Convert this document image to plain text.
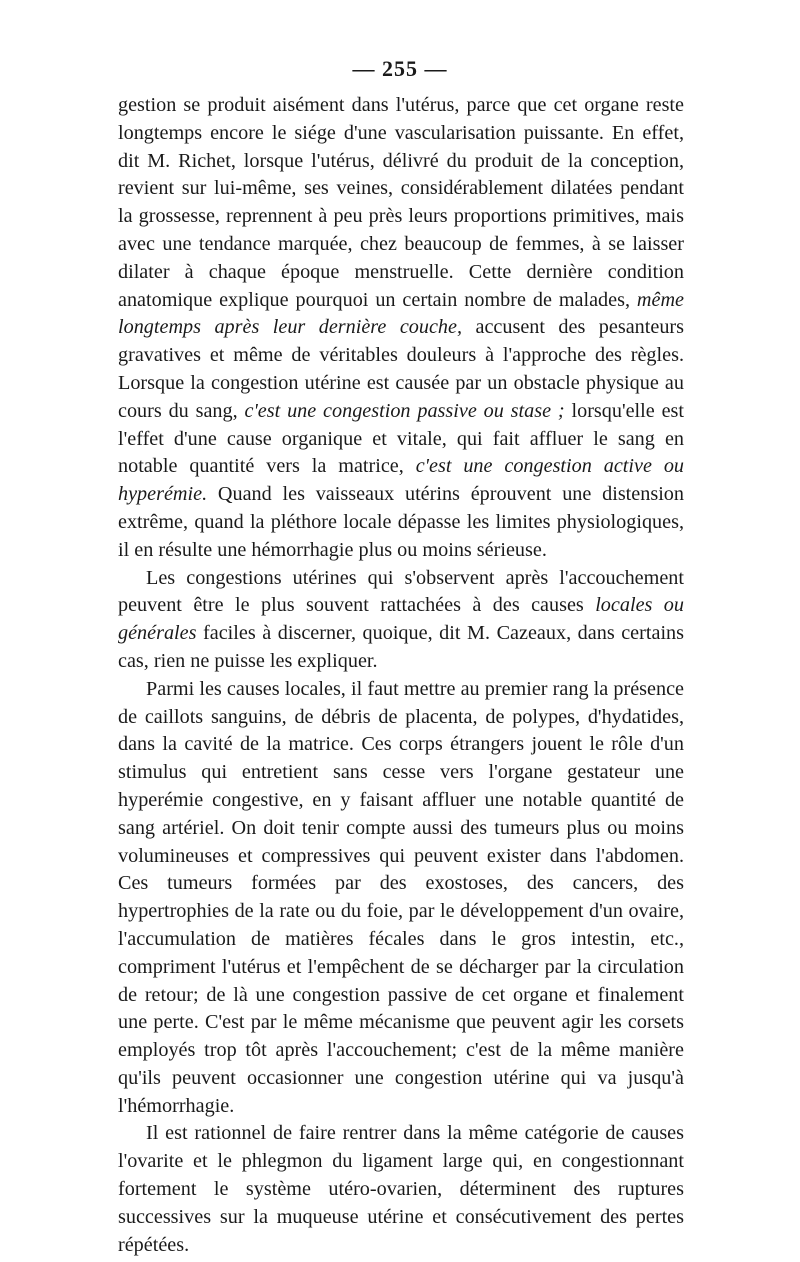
— 255 —

gestion se produit aisément dans l'utérus, parce que cet organe reste longtemps encore le siége d'une vascularisation puissante. En effet, dit M. Richet, lorsque l'utérus, délivré du produit de la conception, revient sur lui-même, ses veines, considérablement dilatées pendant la grossesse, reprennent à peu près leurs proportions primitives, mais avec une tendance marquée, chez beaucoup de femmes, à se laisser dilater à chaque époque menstruelle. Cette dernière condition anatomique explique pourquoi un certain nombre de malades, même longtemps après leur dernière couche, accusent des pesanteurs gravatives et même de véritables douleurs à l'approche des règles. Lorsque la congestion utérine est causée par un obstacle physique au cours du sang, c'est une congestion passive ou stase ; lorsqu'elle est l'effet d'une cause organique et vitale, qui fait affluer le sang en notable quantité vers la matrice, c'est une congestion active ou hyperémie. Quand les vaisseaux utérins éprouvent une distension extrême, quand la pléthore locale dépasse les limites physiologiques, il en résulte une hémorrhagie plus ou moins sérieuse.

Les congestions utérines qui s'observent après l'accouchement peuvent être le plus souvent rattachées à des causes locales ou générales faciles à discerner, quoique, dit M. Cazeaux, dans certains cas, rien ne puisse les expliquer.

Parmi les causes locales, il faut mettre au premier rang la présence de caillots sanguins, de débris de placenta, de polypes, d'hydatides, dans la cavité de la matrice. Ces corps étrangers jouent le rôle d'un stimulus qui entretient sans cesse vers l'organe gestateur une hyperémie congestive, en y faisant affluer une notable quantité de sang artériel. On doit tenir compte aussi des tumeurs plus ou moins volumineuses et compressives qui peuvent exister dans l'abdomen. Ces tumeurs formées par des exostoses, des cancers, des hypertrophies de la rate ou du foie, par le développement d'un ovaire, l'accumulation de matières fécales dans le gros intestin, etc., compriment l'utérus et l'empêchent de se décharger par la circulation de retour; de là une congestion passive de cet organe et finalement une perte. C'est par le même mécanisme que peuvent agir les corsets employés trop tôt après l'accouchement; c'est de la même manière qu'ils peuvent occasionner une congestion utérine qui va jusqu'à l'hémorrhagie.

Il est rationnel de faire rentrer dans la même catégorie de causes l'ovarite et le phlegmon du ligament large qui, en congestionnant fortement le système utéro-ovarien, déterminent des ruptures successives sur la muqueuse utérine et consécutivement des pertes répétées.
